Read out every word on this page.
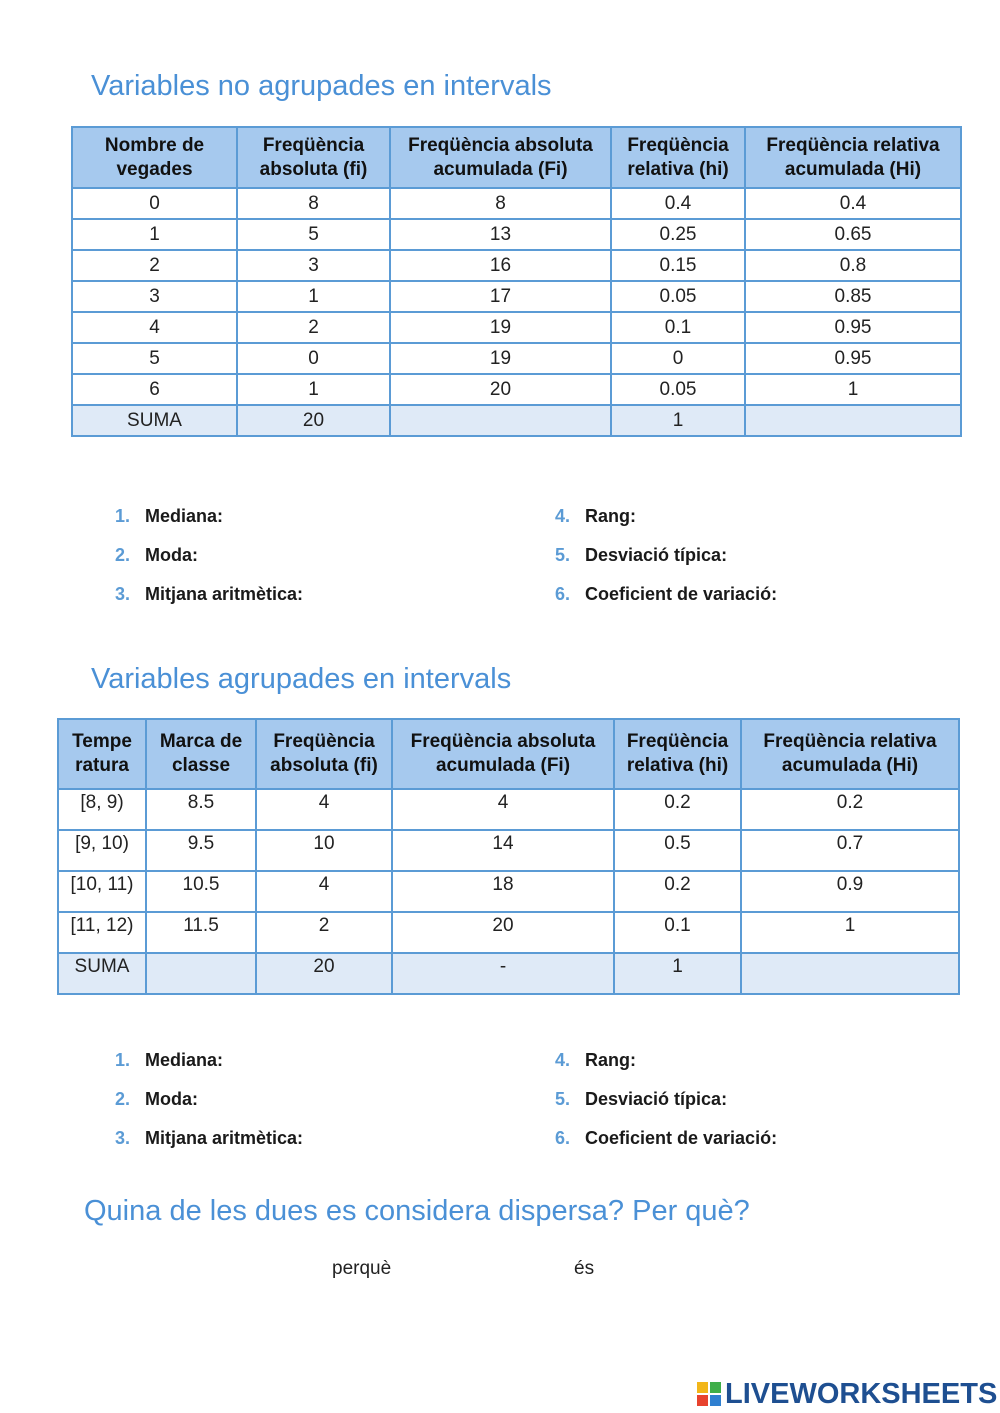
Variables no agrupades en intervals
Nombre de vegades	Freqüència absoluta (fi)	Freqüència absoluta acumulada (Fi)	Freqüència relativa (hi)	Freqüència relativa acumulada (Hi)
0	8	8	0.4	0.4
1	5	13	0.25	0.65
2	3	16	0.15	0.8
3	1	17	0.05	0.85
4	2	19	0.1	0.95
5	0	19	0	0.95
6	1	20	0.05	1
SUMA	20		1	
1. Mediana:
2. Moda:
3. Mitjana aritmètica:
4. Rang:
5. Desviació típica:
6. Coeficient de variació:
Variables agrupades en intervals
Tempe ratura	Marca de classe	Freqüència absoluta (fi)	Freqüència absoluta acumulada (Fi)	Freqüència relativa (hi)	Freqüència relativa acumulada (Hi)
[8, 9)	8.5	4	4	0.2	0.2
[9, 10)	9.5	10	14	0.5	0.7
[10, 11)	10.5	4	18	0.2	0.9
[11, 12)	11.5	2	20	0.1	1
SUMA		20	-	1	
1. Mediana:
2. Moda:
3. Mitjana aritmètica:
4. Rang:
5. Desviació típica:
6. Coeficient de variació:
Quina de les dues es considera dispersa? Per què?
perquè	és
LIVEWORKSHEETS
